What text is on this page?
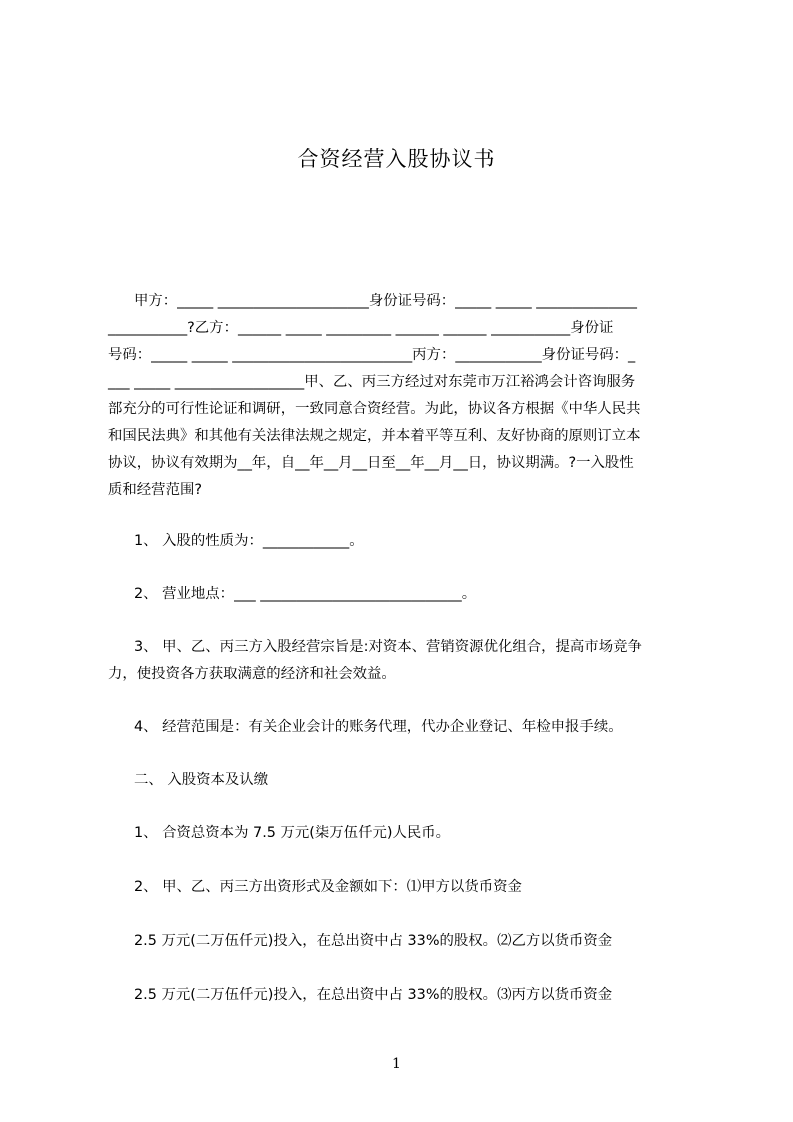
合资经营入股协议书
甲方：_____ _____________________身份证号码：_____ _____ ______________
___________?乙方：______ _____ _________ ______ ______ ___________身份证
号码：_____ _____ _________________________丙方：____________身份证号码：_
___ _____ __________________甲、乙、丙三方经过对东莞市万江裕鸿会计咨询服务
部充分的可行性论证和调研，一致同意合资经营。为此，协议各方根据《中华人民共
和国民法典》和其他有关法律法规之规定，并本着平等互利、友好协商的原则订立本
协议，协议有效期为__年，自__年__月__日至__年__月__日，协议期满。?一入股性
质和经营范围?
1、 入股的性质为：____________。
2、 营业地点：___ ____________________________。
3、 甲、乙、丙三方入股经营宗旨是:对资本、营销资源优化组合，提高市场竞争
力，使投资各方获取满意的经济和社会效益。
4、 经营范围是：有关企业会计的账务代理，代办企业登记、年检申报手续。
二、 入股资本及认缴
1、 合资总资本为 7.5 万元(柒万伍仟元)人民币。
2、 甲、乙、丙三方出资形式及金额如下：⑴甲方以货币资金
2.5 万元(二万伍仟元)投入，在总出资中占 33%的股权。⑵乙方以货币资金
2.5 万元(二万伍仟元)投入，在总出资中占 33%的股权。⑶丙方以货币资金
1
